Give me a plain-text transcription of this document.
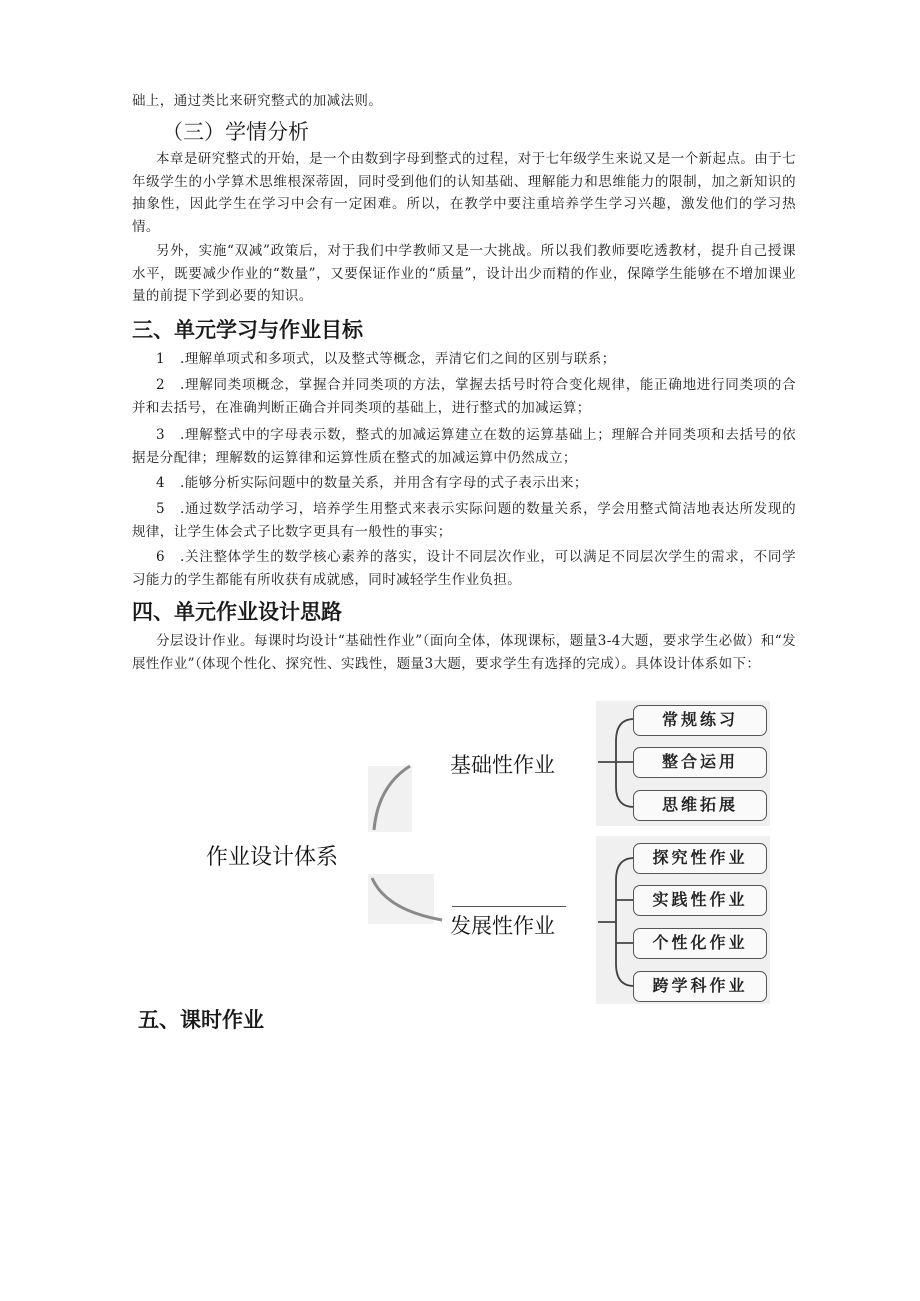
础上，通过类比来研究整式的加减法则。

（三）学情分析

本章是研究整式的开始，是一个由数到字母到整式的过程，对于七年级学生来说又是一个新起点。由于七年级学生的小学算术思维根深蒂固，同时受到他们的认知基础、理解能力和思维能力的限制，加之新知识的抽象性，因此学生在学习中会有一定困难。所以，在教学中要注重培养学生学习兴趣，激发他们的学习热情。

另外，实施“双减”政策后，对于我们中学教师又是一大挑战。所以我们教师要吃透教材，提升自己授课水平，既要减少作业的“数量”，又要保证作业的“质量”，设计出少而精的作业，保障学生能够在不增加课业量的前提下学到必要的知识。

三、单元学习与作业目标

1 .理解单项式和多项式，以及整式等概念，弄清它们之间的区别与联系；

2 .理解同类项概念，掌握合并同类项的方法，掌握去括号时符合变化规律，能正确地进行同类项的合并和去括号，在准确判断正确合并同类项的基础上，进行整式的加减运算；

3 .理解整式中的字母表示数，整式的加减运算建立在数的运算基础上；理解合并同类项和去括号的依据是分配律；理解数的运算律和运算性质在整式的加减运算中仍然成立；

4 .能够分析实际问题中的数量关系，并用含有字母的式子表示出来；

5 .通过数学活动学习，培养学生用整式来表示实际问题的数量关系，学会用整式简洁地表达所发现的规律，让学生体会式子比数字更具有一般性的事实；

6 .关注整体学生的数学核心素养的落实，设计不同层次作业，可以满足不同层次学生的需求，不同学习能力的学生都能有所收获有成就感，同时减轻学生作业负担。

四、单元作业设计思路

分层设计作业。每课时均设计“基础性作业”（面向全体，体现课标，题量3-4大题，要求学生必做）和“发展性作业”（体现个性化、探究性、实践性，题量3大题，要求学生有选择的完成）。具体设计体系如下：

作业设计体系
基础性作业
发展性作业
常规练习
整合运用
思维拓展
探究性作业
实践性作业
个性化作业
跨学科作业
五、课时作业
